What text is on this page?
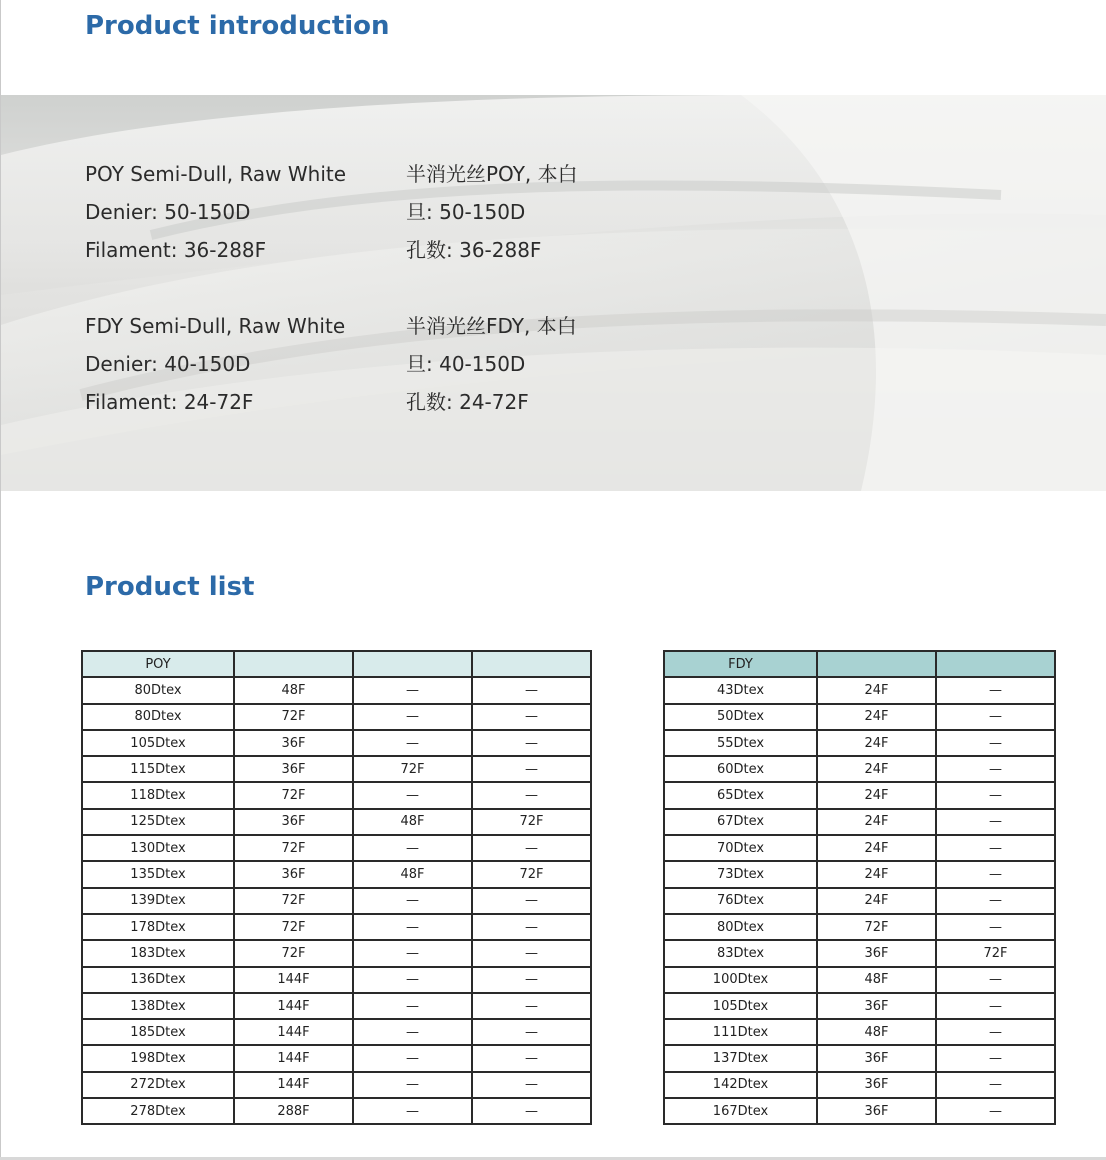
Product introduction
POY Semi-Dull, Raw White
Denier: 50-150D
Filament: 36-288F
FDY Semi-Dull, Raw White
Denier: 40-150D
Filament: 24-72F
半消光丝POY, 本白
旦: 50-150D
孔数: 36-288F
半消光丝FDY, 本白
旦: 40-150D
孔数: 24-72F
Product list
POY			
80Dtex	48F	—	—
80Dtex	72F	—	—
105Dtex	36F	—	—
115Dtex	36F	72F	—
118Dtex	72F	—	—
125Dtex	36F	48F	72F
130Dtex	72F	—	—
135Dtex	36F	48F	72F
139Dtex	72F	—	—
178Dtex	72F	—	—
183Dtex	72F	—	—
136Dtex	144F	—	—
138Dtex	144F	—	—
185Dtex	144F	—	—
198Dtex	144F	—	—
272Dtex	144F	—	—
278Dtex	288F	—	—
FDY		
43Dtex	24F	—
50Dtex	24F	—
55Dtex	24F	—
60Dtex	24F	—
65Dtex	24F	—
67Dtex	24F	—
70Dtex	24F	—
73Dtex	24F	—
76Dtex	24F	—
80Dtex	72F	—
83Dtex	36F	72F
100Dtex	48F	—
105Dtex	36F	—
111Dtex	48F	—
137Dtex	36F	—
142Dtex	36F	—
167Dtex	36F	—
